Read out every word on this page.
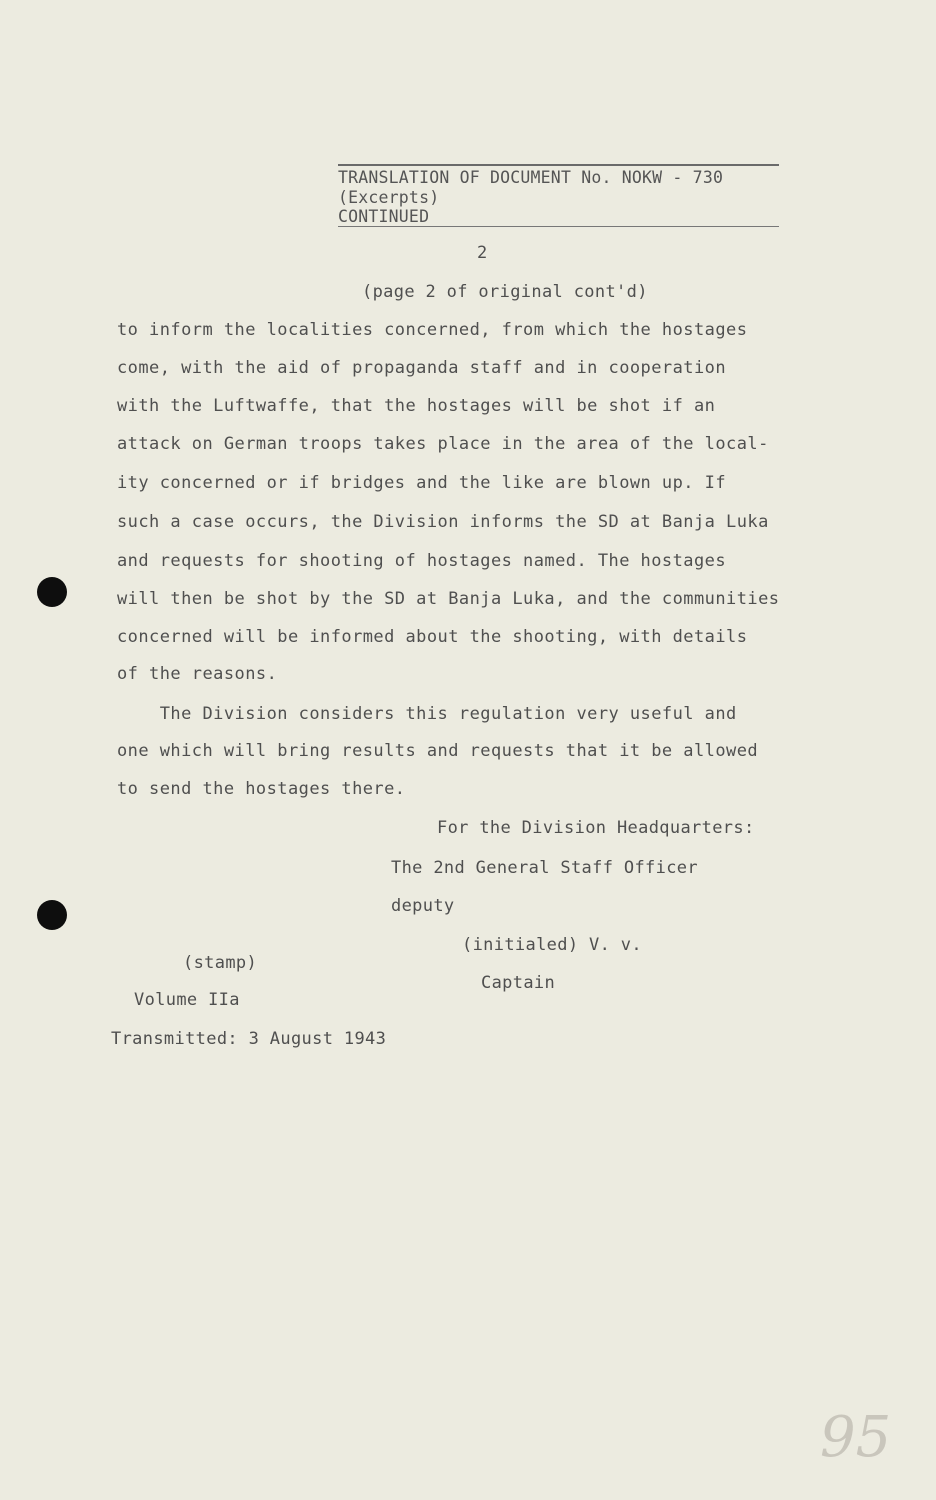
TRANSLATION OF DOCUMENT No. NOKW - 730
(Excerpts)
CONTINUED
2
(page 2 of original cont'd)
to inform the localities concerned, from which the hostages
come, with the aid of propaganda staff and in cooperation
with the Luftwaffe, that the hostages will be shot if an
attack on German troops takes place in the area of the local-
ity concerned or if bridges and the like are blown up. If
such a case occurs, the Division informs the SD at Banja Luka
and requests for shooting of hostages named. The hostages
will then be shot by the SD at Banja Luka, and the communities
concerned will be informed about the shooting, with details
of the reasons.
The Division considers this regulation very useful and
one which will bring results and requests that it be allowed
to send the hostages there.
For the Division Headquarters:
The 2nd General Staff Officer
deputy
(initialed) V. v.
Captain
(stamp)
Volume IIa
Transmitted: 3 August 1943
95
